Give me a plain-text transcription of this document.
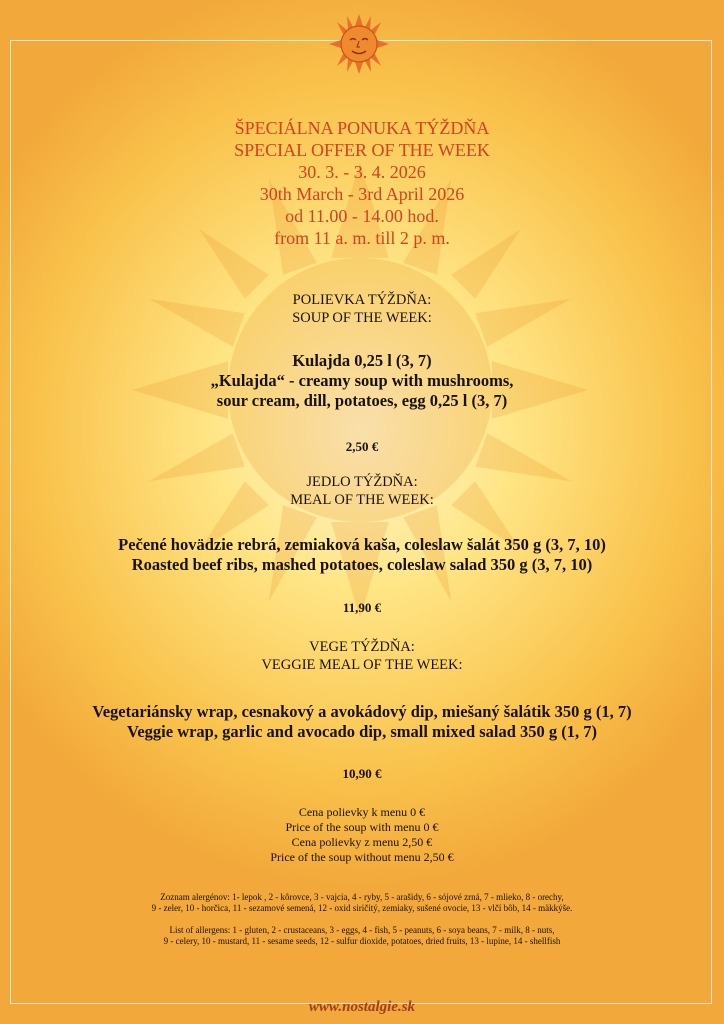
ŠPECIÁLNA PONUKA TÝŽDŇA

SPECIAL OFFER OF THE WEEK

30. 3. - 3. 4. 2026

30th March - 3rd April 2026

od 11.00 - 14.00 hod.

from 11 a. m. till 2 p. m.

POLIEVKA TÝŽDŇA:

SOUP OF THE WEEK:

Kulajda 0,25 l (3, 7)

„Kulajda“ - creamy soup with mushrooms,

sour cream, dill, potatoes, egg 0,25 l (3, 7)

2,50 €

JEDLO TÝŽDŇA:

MEAL OF THE WEEK:

Pečené hovädzie rebrá, zemiaková kaša, coleslaw šalát 350 g (3, 7, 10)

Roasted beef ribs, mashed potatoes, coleslaw salad 350 g (3, 7, 10)

11,90 €

VEGE TÝŽDŇA:

VEGGIE MEAL OF THE WEEK:

Vegetariánsky wrap, cesnakový a avokádový dip, miešaný šalátik 350 g (1, 7)

Veggie wrap, garlic and avocado dip, small mixed salad 350 g (1, 7)

10,90 €

Cena polievky k menu 0 €

Price of the soup with menu 0 €

Cena polievky z menu 2,50 €

Price of the soup without menu 2,50 €

Zoznam alergénov: 1- lepok , 2 - kôrovce, 3 - vajcia, 4 - ryby, 5 - arašidy, 6 - sójové zrná, 7 - mlieko, 8 - orechy,

9 - zeler, 10 - horčica, 11 - sezamové semená, 12 - oxid siričitý, zemiaky, sušené ovocie, 13 - vlčí bôb, 14 - mäkkýše.

List of allergens: 1 - gluten, 2 - crustaceans, 3 - eggs, 4 - fish, 5 - peanuts, 6 - soya beans, 7 - milk, 8 - nuts,

9 - celery, 10 - mustard, 11 - sesame seeds, 12 - sulfur dioxide, potatoes, dried fruits, 13 - lupine, 14 - shellfish

www.nostalgie.sk
